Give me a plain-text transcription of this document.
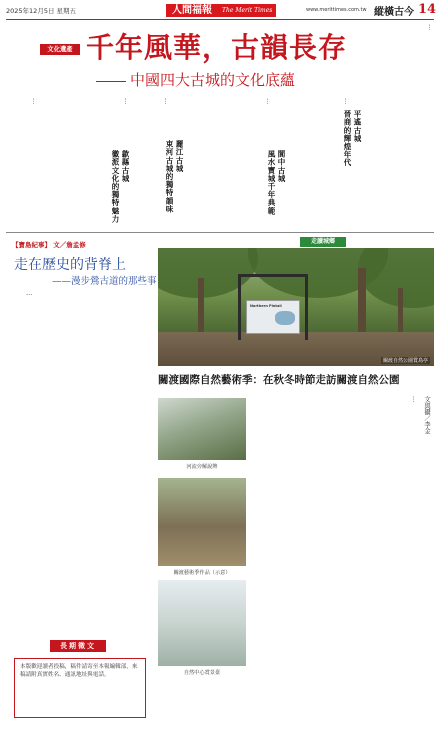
2025年12月5日 星期五	人間福報 The Merit Times	www.merittimes.com.tw 縱橫古今 14
文化遺產 千年風華，古韻長存
中國四大古城的文化底蘊
…	…
歙縣古城
徽派文化的獨特魅力
…
麗江古城
束河古城的獨特韻味
…
閬中古城
風水寶城千年典範
…
平遙古城
晉商的輝煌年代
…
【寶島紀事】 文／詹孟修
走在歷史的背脊上
——漫步鶯古道的那些事

…

長期徵文
本版歡迎讀者投稿，稿件請寄至本報編輯部，來稿請附真實姓名、通訊地址與電話。
走讀城鄉
Northern Pintail
關渡自然公園賞鳥亭
關渡國際自然藝術季：在秋冬時節走訪關渡自然公園
河流旁解說牌
關渡藝術季作品（示意）
自然中心賞景臺
… 文與攝／李金
